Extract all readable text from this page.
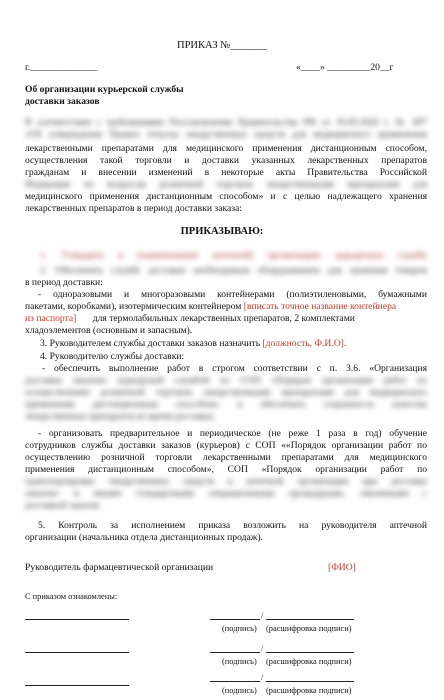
ПРИКАЗ №_______
г.______________	«____» _________20__г
Об организации курьерской службы
доставки заказов
В соответствии с требованиями Постановления Правительства РФ от 16.05.2020 г. № 697
«Об утверждении Правил отпуска лекарственных средств для медицинского применения
лекарственными препаратами для медицинского применения дистанционным способом,
осуществления такой торговли и доставки указанных лекарственных препаратов
гражданам и внесении изменений в некоторые акты Правительства Российской
Федерации по вопросам розничной торговли лекарственными препаратами для
медицинского применения дистанционным способом» и с целью надлежащего хранения
лекарственных препаратов в период доставки заказа:
ПРИКАЗЫВАЮ:
1. Утвердить в [наименование аптечной] организацию курьерскую службу
2. Обеспечить службу доставки необходимым оборудованием для хранения товаров
в период доставки:
- одноразовыми и многоразовыми контейнерами (полиэтиленовыми, бумажными
пакетами, коробками), изотермическим контейнером [вписать точное название контейнера
из паспорта] для термолабильных лекарственных препаратов, 2 комплектами
хладоэлементов (основным и запасным).
3. Руководителем службы доставки заказов назначить [должность, Ф.И.О].
4. Руководителю службы доставки:
- обеспечить выполнение работ в строгом соответствии с п. 3.6. «Организация
доставки заказов» курьерской службой по СОП «Порядок организации работ по
осуществлению розничной торговли лекарственными препаратами для медицинского
применения дистанционным способом» и обеспечить сохранность качества
лекарственных препаратов во время доставки;
- организовать предварительное и периодическое (не реже 1 раза в год) обучение
сотрудников службы доставки заказов (курьеров) с СОП ««Порядок организации работ по
осуществлению розничной торговли лекарственными препаратами для медицинского
применения дистанционным способом», СОП «Порядок организации работ по
транспортировке лекарственных средств в аптечной организации при доставке
заказов» и иными стандартными операционными процедурами, связанными с
доставкой заказов.
5. Контроль за исполнением приказа возложить на руководителя аптечной
организации (начальника отдела дистанционных продаж).
Руководитель фармацевтической организации	[ФИО]
С приказом ознакомлены:
/
(подпись) (расшифровка подписи)
/
(подпись) (расшифровка подписи)
/
(подпись) (расшифровка подписи)
